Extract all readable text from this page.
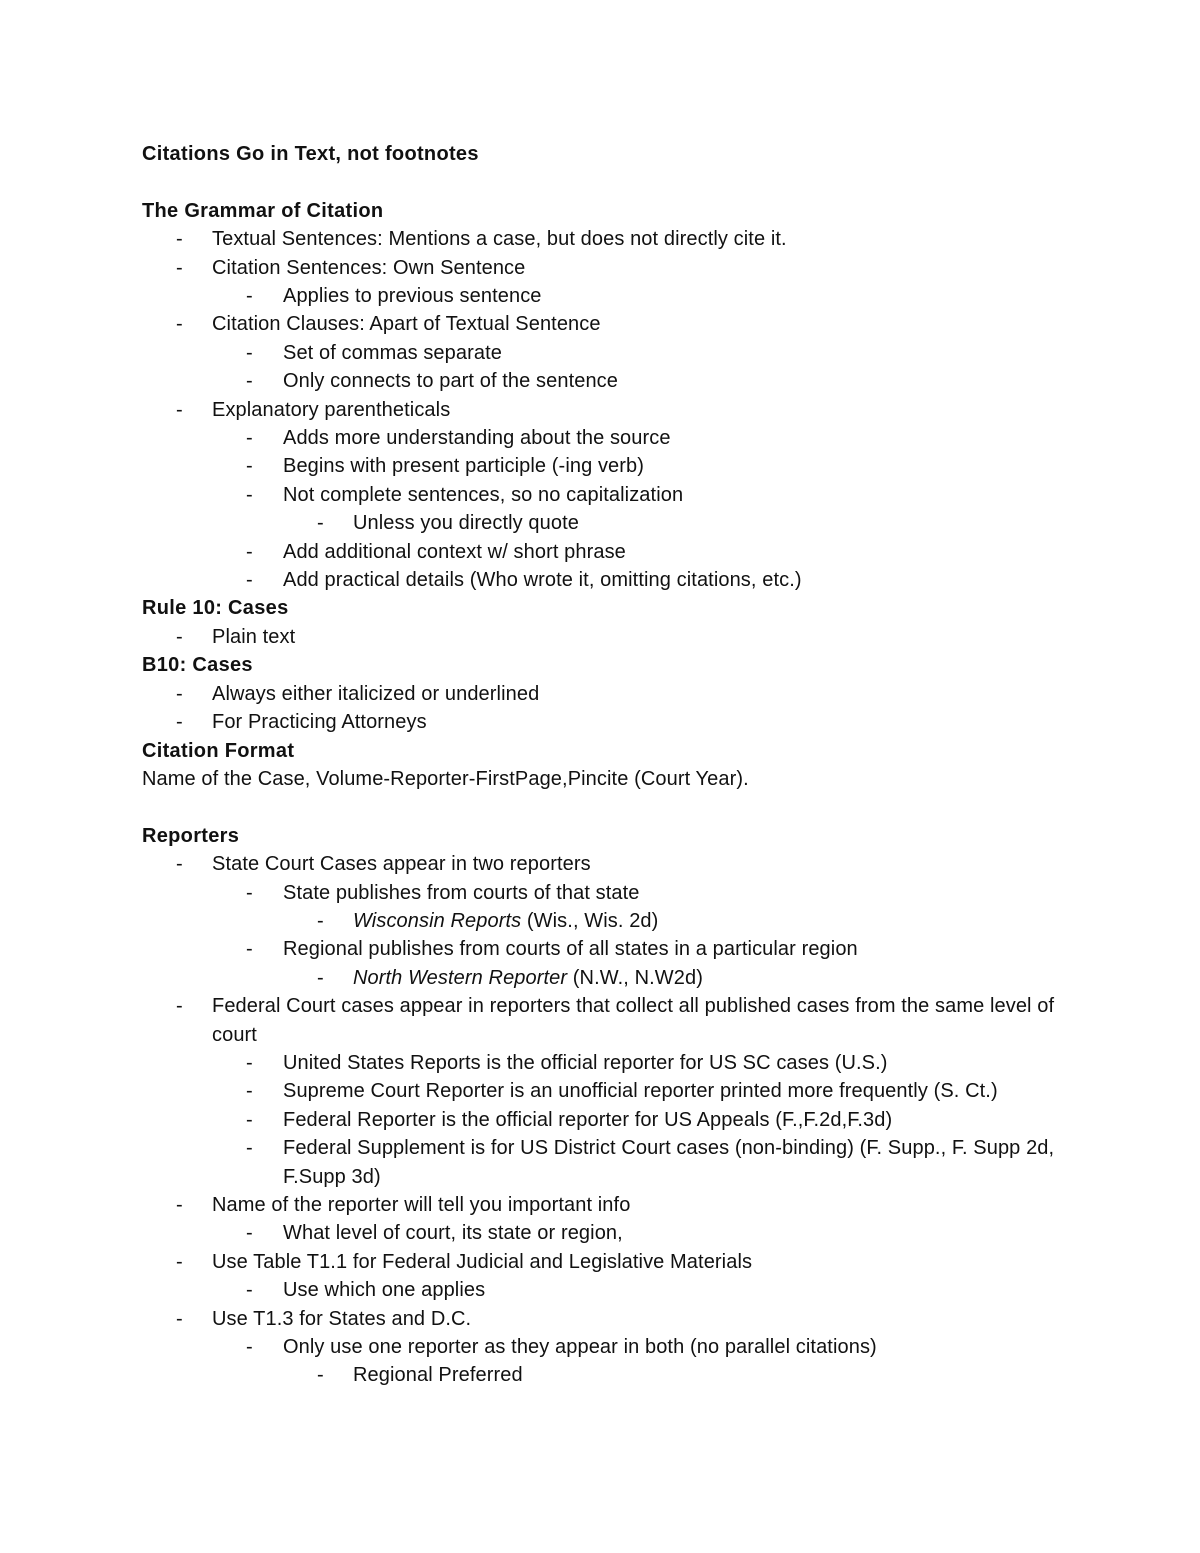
Citations Go in Text, not footnotes
The Grammar of Citation
- Textual Sentences: Mentions a case, but does not directly cite it.
- Citation Sentences: Own Sentence
- Applies to previous sentence
- Citation Clauses: Apart of Textual Sentence
- Set of commas separate
- Only connects to part of the sentence
- Explanatory parentheticals
- Adds more understanding about the source
- Begins with present participle (-ing verb)
- Not complete sentences, so no capitalization
- Unless you directly quote
- Add additional context w/ short phrase
- Add practical details (Who wrote it, omitting citations, etc.)
Rule 10: Cases
- Plain text
B10: Cases
- Always either italicized or underlined
- For Practicing Attorneys
Citation Format
Name of the Case, Volume-Reporter-FirstPage,Pincite (Court Year).
Reporters
- State Court Cases appear in two reporters
- State publishes from courts of that state
- Wisconsin Reports (Wis., Wis. 2d)
- Regional publishes from courts of all states in a particular region
- North Western Reporter (N.W., N.W2d)
- Federal Court cases appear in reporters that collect all published cases from the same level of court
- United States Reports is the official reporter for US SC cases (U.S.)
- Supreme Court Reporter is an unofficial reporter printed more frequently (S. Ct.)
- Federal Reporter is the official reporter for US Appeals (F.,F.2d,F.3d)
- Federal Supplement is for US District Court cases (non-binding) (F. Supp., F. Supp 2d, F.Supp 3d)
- Name of the reporter will tell you important info
- What level of court, its state or region,
- Use Table T1.1 for Federal Judicial and Legislative Materials
- Use which one applies
- Use T1.3 for States and D.C.
- Only use one reporter as they appear in both (no parallel citations)
- Regional Preferred
